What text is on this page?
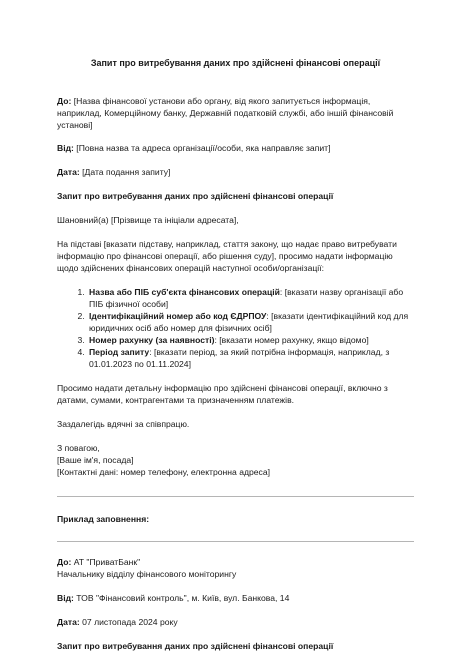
Запит про витребування даних про здійснені фінансові операції

До: [Назва фінансової установи або органу, від якого запитується інформація, наприклад, Комерційному банку, Державній податковій службі, або іншій фінансовій установі]

Від: [Повна назва та адреса організації/особи, яка направляє запит]

Дата: [Дата подання запиту]

Запит про витребування даних про здійснені фінансові операції

Шановний(а) [Прізвище та ініціали адресата],

На підставі [вказати підставу, наприклад, стаття закону, що надає право витребувати інформацію про фінансові операції, або рішення суду], просимо надати інформацію щодо здійснених фінансових операцій наступної особи/організації:

1. Назва або ПІБ суб'єкта фінансових операцій: [вказати назву організації або ПІБ фізичної особи]
2. Ідентифікаційний номер або код ЄДРПОУ: [вказати ідентифікаційний код для юридичних осіб або номер для фізичних осіб]
3. Номер рахунку (за наявності): [вказати номер рахунку, якщо відомо]
4. Період запиту: [вказати період, за який потрібна інформація, наприклад, з 01.01.2023 по 01.11.2024]

Просимо надати детальну інформацію про здійснені фінансові операції, включно з датами, сумами, контрагентами та призначенням платежів.

Заздалегідь вдячні за співпрацю.

З повагою,

[Ваше ім'я, посада]

[Контактні дані: номер телефону, електронна адреса]

Приклад заповнення:

До: АТ "ПриватБанк"

Начальнику відділу фінансового моніторингу

Від: ТОВ "Фінансовий контроль", м. Київ, вул. Банкова, 14

Дата: 07 листопада 2024 року

Запит про витребування даних про здійснені фінансові операції
